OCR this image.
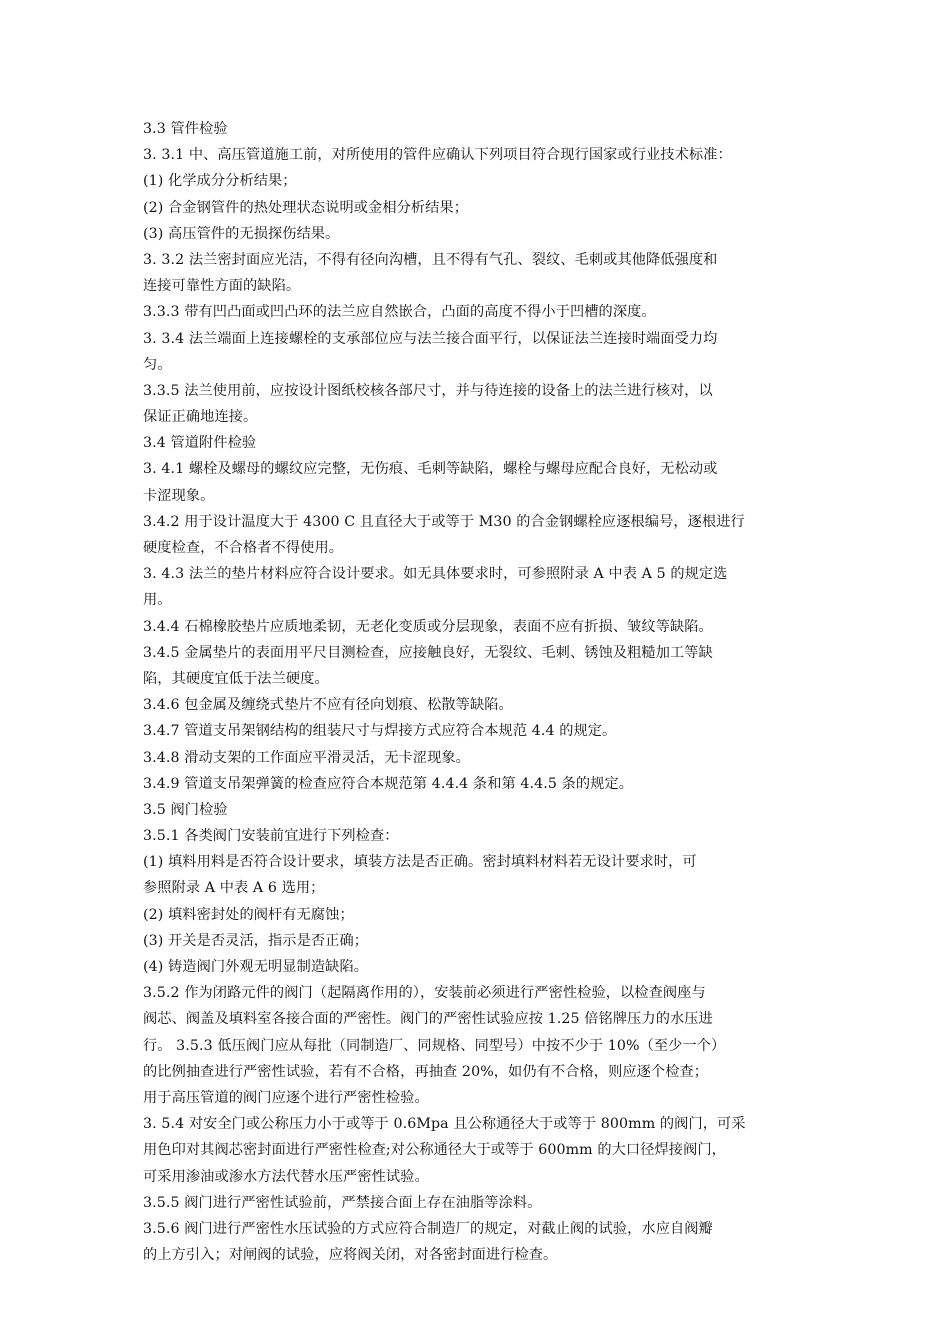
3.3 管件检验
3. 3.1 中、高压管道施工前，对所使用的管件应确认下列项目符合现行国家或行业技术标准：
(1) 化学成分分析结果；
(2) 合金钢管件的热处理状态说明或金相分析结果；
(3) 高压管件的无损探伤结果。
3. 3.2 法兰密封面应光洁，不得有径向沟槽，且不得有气孔、裂纹、毛刺或其他降低强度和
连接可靠性方面的缺陷。
3.3.3 带有凹凸面或凹凸环的法兰应自然嵌合，凸面的高度不得小于凹槽的深度。
3. 3.4 法兰端面上连接螺栓的支承部位应与法兰接合面平行，以保证法兰连接时端面受力均
匀。
3.3.5 法兰使用前，应按设计图纸校核各部尺寸，并与待连接的设备上的法兰进行核对，以
保证正确地连接。
3.4 管道附件检验
3. 4.1 螺栓及螺母的螺纹应完整，无伤痕、毛刺等缺陷，螺栓与螺母应配合良好，无松动或
卡涩现象。
3.4.2 用于设计温度大于 4300 C 且直径大于或等于 M30 的合金钢螺栓应逐根编号，逐根进行
硬度检查，不合格者不得使用。
3. 4.3 法兰的垫片材料应符合设计要求。如无具体要求时，可参照附录 A 中表 A 5 的规定选
用。
3.4.4 石棉橡胶垫片应质地柔韧，无老化变质或分层现象，表面不应有折损、皱纹等缺陷。
3.4.5 金属垫片的表面用平尺目测检查，应接触良好，无裂纹、毛刺、锈蚀及粗糙加工等缺
陷，其硬度宜低于法兰硬度。
3.4.6 包金属及缠绕式垫片不应有径向划痕、松散等缺陷。
3.4.7 管道支吊架钢结构的组装尺寸与焊接方式应符合本规范 4.4 的规定。
3.4.8 滑动支架的工作面应平滑灵活，无卡涩现象。
3.4.9 管道支吊架弹簧的检查应符合本规范第 4.4.4 条和第 4.4.5 条的规定。
3.5 阀门检验
3.5.1 各类阀门安装前宜进行下列检查：
(1) 填料用料是否符合设计要求，填装方法是否正确。密封填料材料若无设计要求时，可
参照附录 A 中表 A 6 选用；
(2) 填料密封处的阀杆有无腐蚀；
(3) 开关是否灵活，指示是否正确；
(4) 铸造阀门外观无明显制造缺陷。
3.5.2 作为闭路元件的阀门（起隔离作用的），安装前必须进行严密性检验，以检查阀座与
阀芯、阀盖及填料室各接合面的严密性。阀门的严密性试验应按 1.25 倍铭牌压力的水压进
行。 3.5.3 低压阀门应从每批（同制造厂、同规格、同型号）中按不少于 10%（至少一个）
的比例抽查进行严密性试验，若有不合格，再抽查 20%，如仍有不合格，则应逐个检查；
用于高压管道的阀门应逐个进行严密性检验。
3. 5.4 对安全门或公称压力小于或等于 0.6Mpa 且公称通径大于或等于 800mm 的阀门，可采
用色印对其阀芯密封面进行严密性检查;对公称通径大于或等于 600mm 的大口径焊接阀门，
可采用渗油或渗水方法代替水压严密性试验。
3.5.5 阀门进行严密性试验前，严禁接合面上存在油脂等涂料。
3.5.6 阀门进行严密性水压试验的方式应符合制造厂的规定，对截止阀的试验，水应自阀瓣
的上方引入；对闸阀的试验，应将阀关闭，对各密封面进行检查。
